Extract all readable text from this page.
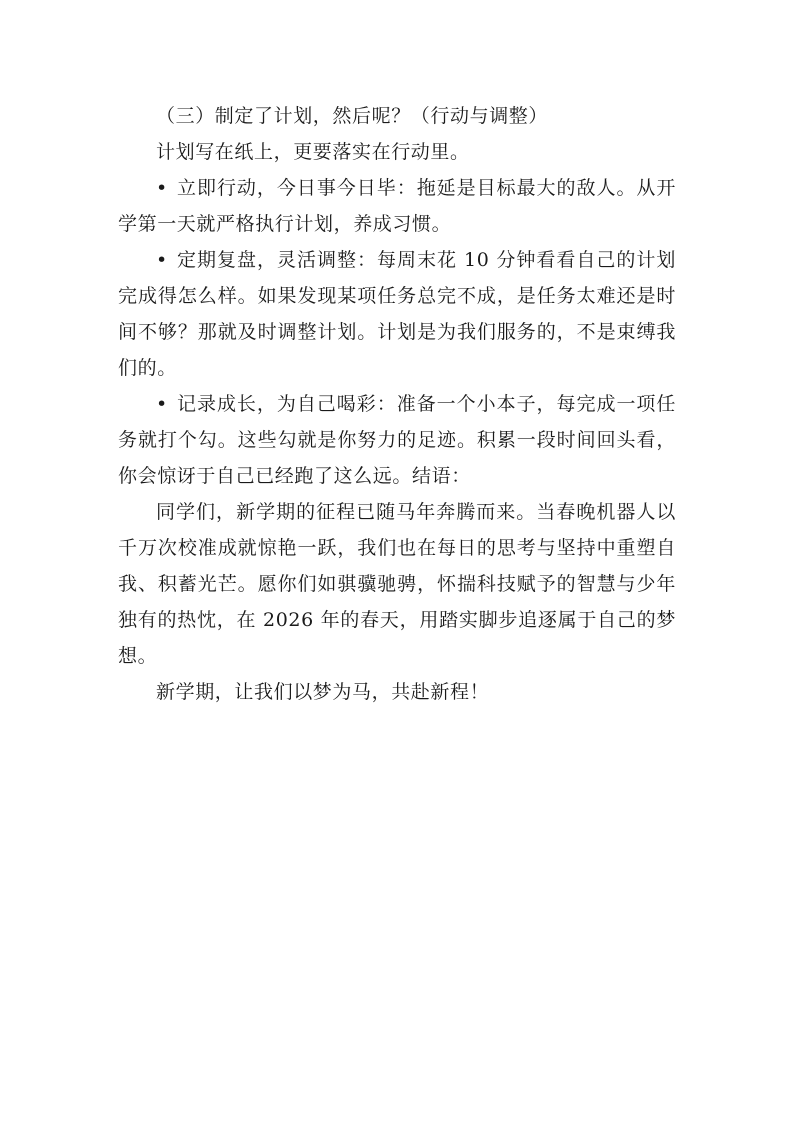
（三）制定了计划，然后呢？（行动与调整）

计划写在纸上，更要落实在行动里。

• 立即行动，今日事今日毕：拖延是目标最大的敌人。从开学第一天就严格执行计划，养成习惯。

• 定期复盘，灵活调整：每周末花 10 分钟看看自己的计划完成得怎么样。如果发现某项任务总完不成，是任务太难还是时间不够？那就及时调整计划。计划是为我们服务的，不是束缚我们的。

• 记录成长，为自己喝彩：准备一个小本子，每完成一项任务就打个勾。这些勾就是你努力的足迹。积累一段时间回头看，你会惊讶于自己已经跑了这么远。结语：

同学们，新学期的征程已随马年奔腾而来。当春晚机器人以千万次校准成就惊艳一跃，我们也在每日的思考与坚持中重塑自我、积蓄光芒。愿你们如骐骥驰骋，怀揣科技赋予的智慧与少年独有的热忱，在 2026 年的春天，用踏实脚步追逐属于自己的梦想。

新学期，让我们以梦为马，共赴新程！
